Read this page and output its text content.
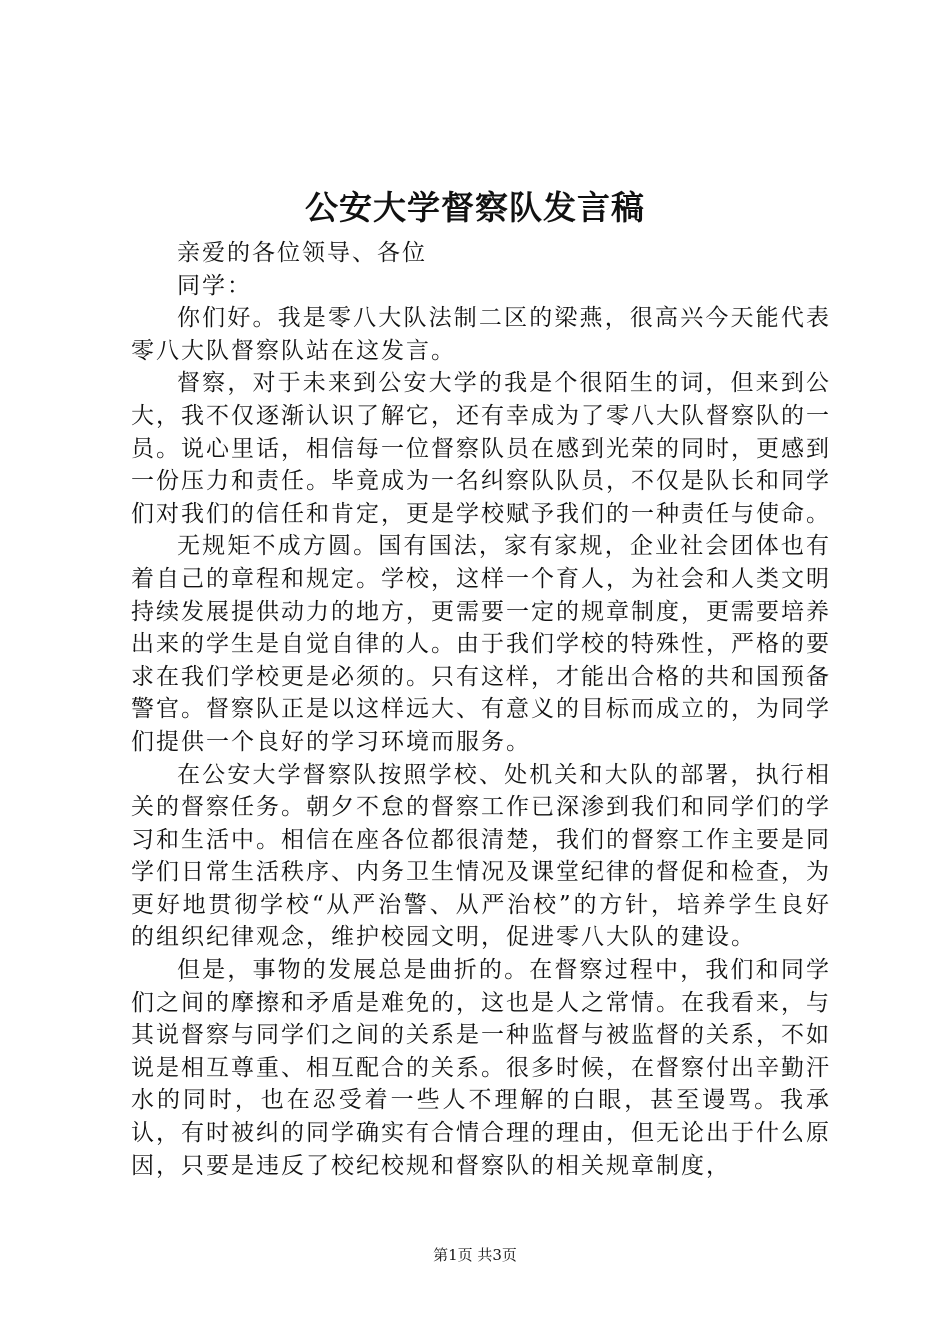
公安大学督察队发言稿

亲爱的各位领导、各位

同学：

你们好。我是零八大队法制二区的梁燕，很高兴今天能代表零八大队督察队站在这发言。

督察，对于未来到公安大学的我是个很陌生的词，但来到公大，我不仅逐渐认识了解它，还有幸成为了零八大队督察队的一员。说心里话，相信每一位督察队员在感到光荣的同时，更感到一份压力和责任。毕竟成为一名纠察队队员，不仅是队长和同学们对我们的信任和肯定，更是学校赋予我们的一种责任与使命。

无规矩不成方圆。国有国法，家有家规，企业社会团体也有着自己的章程和规定。学校，这样一个育人，为社会和人类文明持续发展提供动力的地方，更需要一定的规章制度，更需要培养出来的学生是自觉自律的人。由于我们学校的特殊性，严格的要求在我们学校更是必须的。只有这样，才能出合格的共和国预备警官。督察队正是以这样远大、有意义的目标而成立的，为同学们提供一个良好的学习环境而服务。

在公安大学督察队按照学校、处机关和大队的部署，执行相关的督察任务。朝夕不怠的督察工作已深渗到我们和同学们的学习和生活中。相信在座各位都很清楚，我们的督察工作主要是同学们日常生活秩序、内务卫生情况及课堂纪律的督促和检查，为更好地贯彻学校“从严治警、从严治校”的方针，培养学生良好的组织纪律观念，维护校园文明，促进零八大队的建设。

但是，事物的发展总是曲折的。在督察过程中，我们和同学们之间的摩擦和矛盾是难免的，这也是人之常情。在我看来，与其说督察与同学们之间的关系是一种监督与被监督的关系，不如说是相互尊重、相互配合的关系。很多时候，在督察付出辛勤汗水的同时，也在忍受着一些人不理解的白眼，甚至谩骂。我承认，有时被纠的同学确实有合情合理的理由，但无论出于什么原因，只要是违反了校纪校规和督察队的相关规章制度，

第1页 共3页
